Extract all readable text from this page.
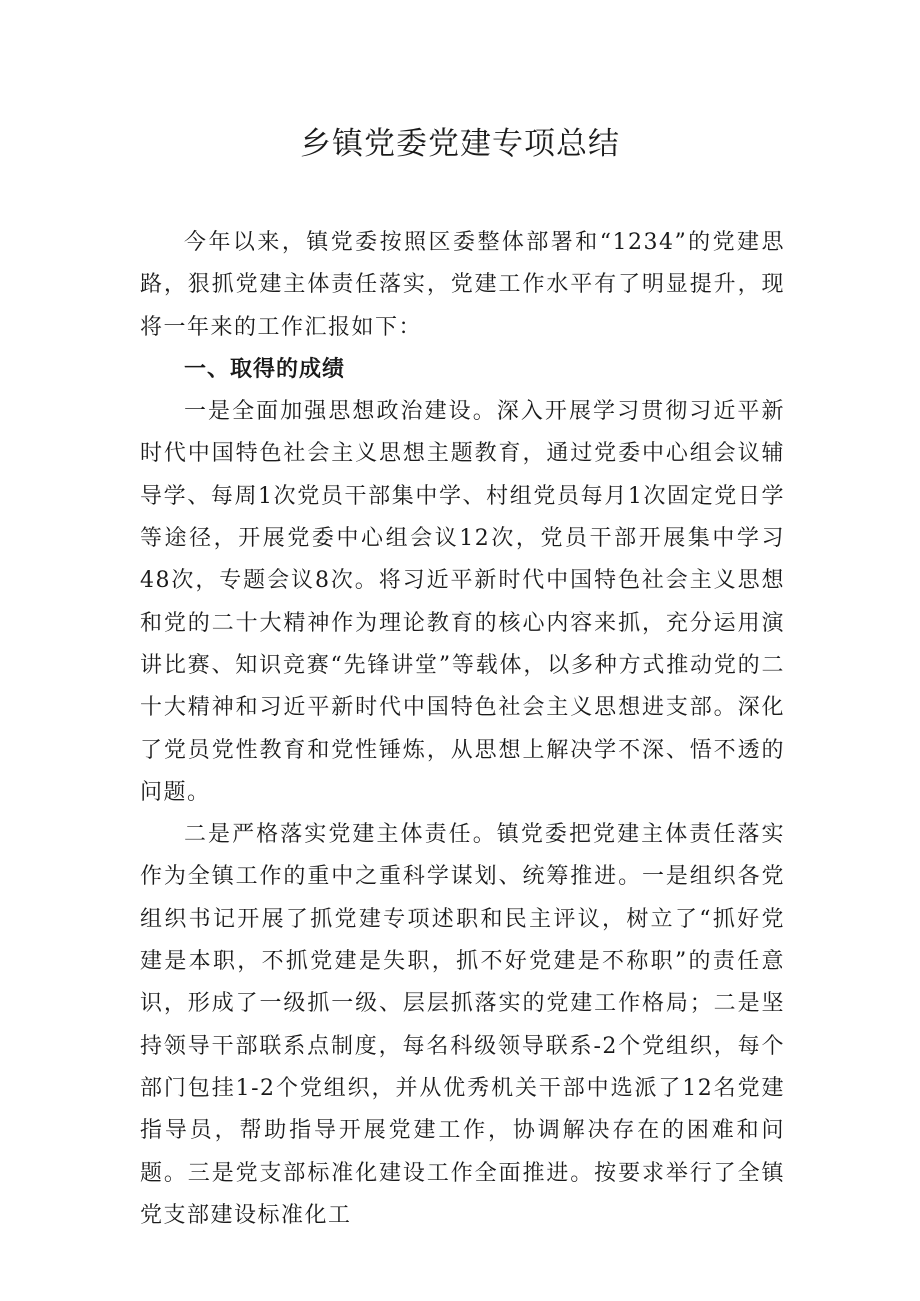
乡镇党委党建专项总结

今年以来，镇党委按照区委整体部署和“1234”的党建思路，狠抓党建主体责任落实，党建工作水平有了明显提升，现将一年来的工作汇报如下：

一、取得的成绩

一是全面加强思想政治建设。深入开展学习贯彻习近平新时代中国特色社会主义思想主题教育，通过党委中心组会议辅导学、每周1次党员干部集中学、村组党员每月1次固定党日学等途径，开展党委中心组会议12次，党员干部开展集中学习48次，专题会议8次。将习近平新时代中国特色社会主义思想和党的二十大精神作为理论教育的核心内容来抓，充分运用演讲比赛、知识竞赛“先锋讲堂”等载体，以多种方式推动党的二十大精神和习近平新时代中国特色社会主义思想进支部。深化了党员党性教育和党性锤炼，从思想上解决学不深、悟不透的问题。

二是严格落实党建主体责任。镇党委把党建主体责任落实作为全镇工作的重中之重科学谋划、统筹推进。一是组织各党组织书记开展了抓党建专项述职和民主评议，树立了“抓好党建是本职，不抓党建是失职，抓不好党建是不称职”的责任意识，形成了一级抓一级、层层抓落实的党建工作格局；二是坚持领导干部联系点制度，每名科级领导联系-2个党组织，每个部门包挂1-2个党组织，并从优秀机关干部中选派了12名党建指导员，帮助指导开展党建工作，协调解决存在的困难和问题。三是党支部标准化建设工作全面推进。按要求举行了全镇党支部建设标准化工
